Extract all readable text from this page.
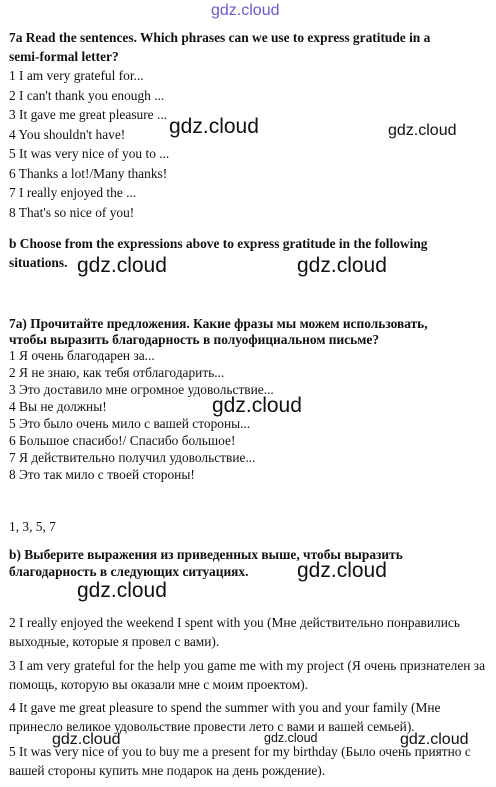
gdz.cloud
7a Read the sentences. Which phrases can we use to express gratitude in a
semi-formal letter?
1 I am very grateful for...
2 I can't thank you enough ...
3 It gave me great pleasure ...
4 You shouldn't have!
5 It was very nice of you to ...
6 Thanks a lot!/Many thanks!
7 I really enjoyed the ...
8 That's so nice of you!
b Choose from the expressions above to express gratitude in the following
situations.
7a) Прочитайте предложения. Какие фразы мы можем использовать,
чтобы выразить благодарность в полуофициальном письме?
1 Я очень благодарен за...
2 Я не знаю, как тебя отблагодарить...
3 Это доставило мне огромное удовольствие...
4 Вы не должны!
5 Это было очень мило с вашей стороны...
6 Большое спасибо!/ Спасибо большое!
7 Я действительно получил удовольствие...
8 Это так мило с твоей стороны!
1, 3, 5, 7
b) Выберите выражения из приведенных выше, чтобы выразить
благодарность в следующих ситуациях.
2 I really enjoyed the weekend I spent with you (Мне действительно понравились выходные, которые я провел с вами).
3 I am very grateful for the help you game me with my project (Я очень признателен за помощь, которую вы оказали мне с моим проектом).
4 It gave me great pleasure to spend the summer with you and your family (Мне принесло великое удовольствие провести лето с вами и вашей семьей).
5 It was very nice of you to buy me a present for my birthday (Было очень приятно с вашей стороны купить мне подарок на день рождение).
gdz.cloud	gdz.cloud
gdz.cloud	gdz.cloud
gdz.cloud
gdz.cloud
gdz.cloud
gdz.cloud	gdz.cloud	gdz.cloud
